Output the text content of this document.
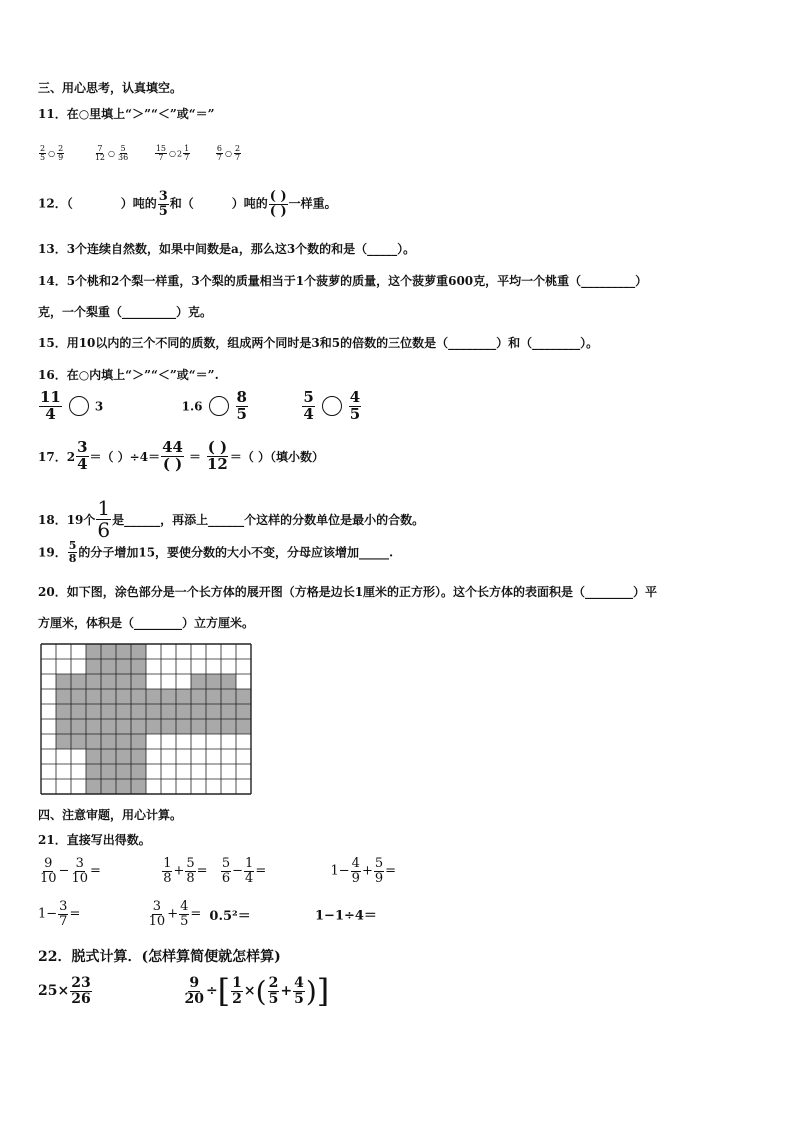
三、用心思考，认真填空。
11．在○里填上“＞”“＜”或“＝”
$\frac{2}{5}$ ○ $\frac{2}{9}$
	$\frac{7}{12}$ ○ $\frac{5}{36}$
	$\frac{15}{7}$ ○2 $\frac{1}{7}$
	$\frac{6}{7}$ ○ $\frac{2}{7}$
12．（	）吨的 $\frac{3}{5}$ 和（	）吨的 $\frac{( )}{( )}$ 一样重。
13．3个连续自然数，如果中间数是a，那么这3个数的和是（_____）。
14．5个桃和2个梨一样重，3个梨的质量相当于1个菠萝的质量，这个菠萝重600克，平均一个桃重（_________）
克，一个梨重（_________）克。
15．用10以内的三个不同的质数，组成两个同时是3和5的倍数的三位数是（________）和（________）。
16．在○内填上“＞”“＜”或“＝”.
$\frac{11}{4}$	3	$1.6 \frac{8}{5}$
	$\frac{5}{4} \frac{4}{5}$
17．$2 \frac{3}{4}$ ＝（ ）$\div 4= \frac{44}{( )} = \frac{( )}{12}$ ＝（ ）（填小数）
18．19个 $\frac{1}{6}$ 是______，再添上______个这样的分数单位是最小的合数。
19． $\frac{5}{8}$ 的分子增加15，要使分数的大小不变，分母应该增加_____.
20．如下图，涂色部分是一个长方体的展开图（方格是边长1厘米的正方形）。这个长方体的表面积是（________）平
方厘米，体积是（________）立方厘米。
四、注意审题，用心计算。
21．直接写出得数。
$\frac{9}{10} - \frac{3}{10}$ =	$\frac{1}{8} + \frac{5}{8} = \frac{5}{6} - \frac{1}{4}$ =	$1- \frac{4}{9} + \frac{5}{9}$ =
$1- \frac{3}{7}$ =	$\frac{3}{10} + \frac{4}{5} = 0.5^2=$	1−1÷4＝
22．脱式计算．(怎样算简便就怎样算)
$25\times \frac{23}{26}$
	$\frac{9}{20}$ ÷[ $\frac{1}{2}$ ×( $\frac{2}{5} + \frac{4}{5}$ )]
